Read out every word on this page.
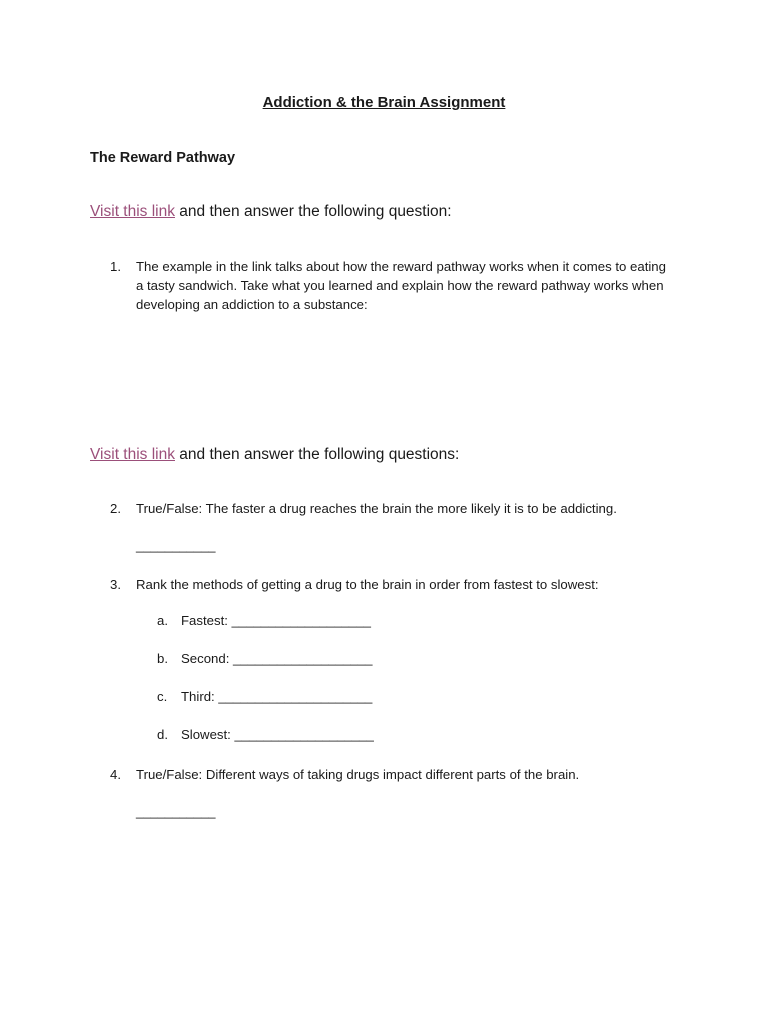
Addiction & the Brain Assignment
The Reward Pathway
Visit this link and then answer the following question:
1.	The example in the link talks about how the reward pathway works when it comes to eating a tasty sandwich. Take what you learned and explain how the reward pathway works when developing an addiction to a substance:
Visit this link and then answer the following questions:
2.	True/False: The faster a drug reaches the brain the more likely it is to be addicting.
___________
3.	Rank the methods of getting a drug to the brain in order from fastest to slowest:
a. Fastest: ___________________
b. Second: ___________________
c.	Third: _____________________
d. Slowest: ___________________
4.	True/False: Different ways of taking drugs impact different parts of the brain.
___________
